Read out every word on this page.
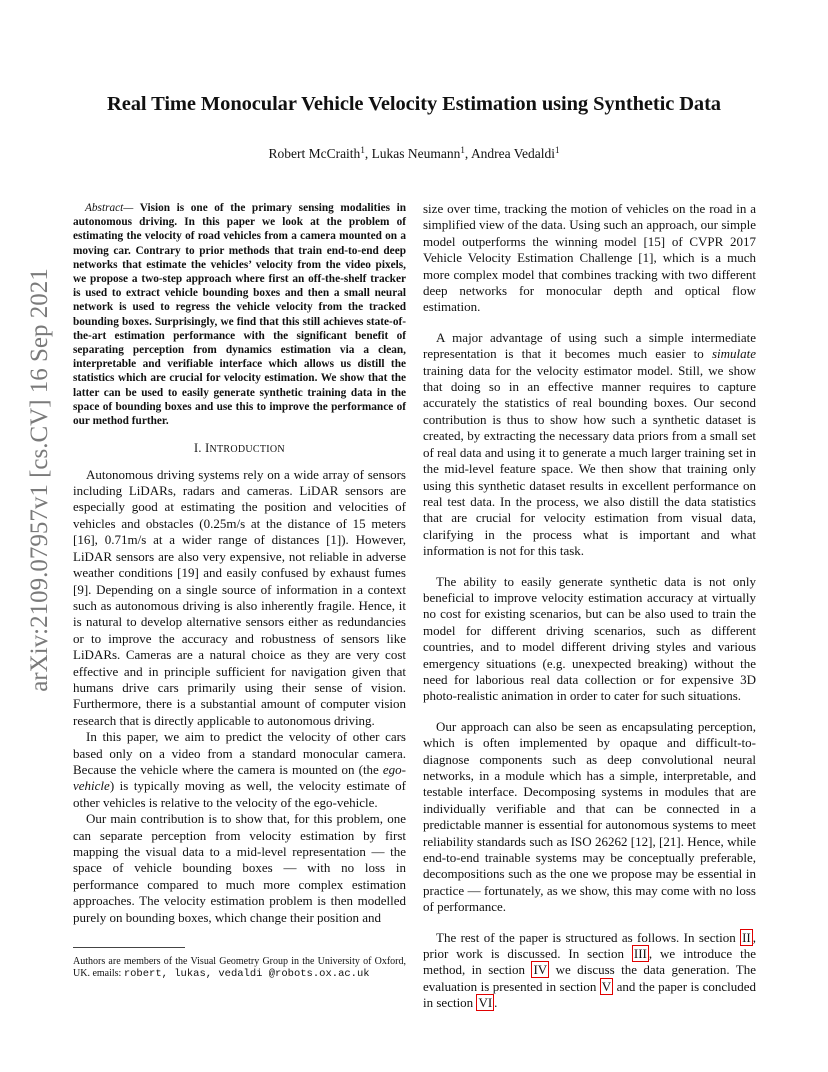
arXiv:2109.07957v1 [cs.CV] 16 Sep 2021
Real Time Monocular Vehicle Velocity Estimation using Synthetic Data
Robert McCraith$^1$, Lukas Neumann$^1$, Andrea Vedaldi$^1$

Abstract— Vision is one of the primary sensing modalities in autonomous driving. In this paper we look at the problem of estimating the velocity of road vehicles from a camera mounted on a moving car. Contrary to prior methods that train end-to-end deep networks that estimate the vehicles’ velocity from the video pixels, we propose a two-step approach where first an off-the-shelf tracker is used to extract vehicle bounding boxes and then a small neural network is used to regress the vehicle velocity from the tracked bounding boxes. Surprisingly, we find that this still achieves state-of-the-art estimation performance with the significant benefit of separating perception from dynamics estimation via a clean, interpretable and verifiable interface which allows us distill the statistics which are crucial for velocity estimation. We show that the latter can be used to easily generate synthetic training data in the space of bounding boxes and use this to improve the performance of our method further.

I. INTRODUCTION

Autonomous driving systems rely on a wide array of sensors including LiDARs, radars and cameras. LiDAR sensors are especially good at estimating the position and velocities of vehicles and obstacles (0.25m/s at the distance of 15 meters [16], 0.71m/s at a wider range of distances [1]). However, LiDAR sensors are also very expensive, not reliable in adverse weather conditions [19] and easily confused by exhaust fumes [9]. Depending on a single source of information in a context such as autonomous driving is also inherently fragile. Hence, it is natural to develop alternative sensors either as redundancies or to improve the accuracy and robustness of sensors like LiDARs. Cameras are a natural choice as they are very cost effective and in principle sufficient for navigation given that humans drive cars primarily using their sense of vision. Furthermore, there is a substantial amount of computer vision research that is directly applicable to autonomous driving.

In this paper, we aim to predict the velocity of other cars based only on a video from a standard monocular camera. Because the vehicle where the camera is mounted on (the ego-vehicle) is typically moving as well, the velocity estimate of other vehicles is relative to the velocity of the ego-vehicle.

Our main contribution is to show that, for this problem, one can separate perception from velocity estimation by first mapping the visual data to a mid-level representation — the space of vehicle bounding boxes — with no loss in performance compared to much more complex estimation approaches. The velocity estimation problem is then modelled purely on bounding boxes, which change their position and

Authors are members of the Visual Geometry Group in the University of Oxford, UK. emails: robert, lukas, vedaldi @robots.ox.ac.uk

size over time, tracking the motion of vehicles on the road in a simplified view of the data. Using such an approach, our simple model outperforms the winning model [15] of CVPR 2017 Vehicle Velocity Estimation Challenge [1], which is a much more complex model that combines tracking with two different deep networks for monocular depth and optical flow estimation.

A major advantage of using such a simple intermediate representation is that it becomes much easier to simulate training data for the velocity estimator model. Still, we show that doing so in an effective manner requires to capture accurately the statistics of real bounding boxes. Our second contribution is thus to show how such a synthetic dataset is created, by extracting the necessary data priors from a small set of real data and using it to generate a much larger training set in the mid-level feature space. We then show that training only using this synthetic dataset results in excellent performance on real test data. In the process, we also distill the data statistics that are crucial for velocity estimation from visual data, clarifying in the process what is important and what information is not for this task.

The ability to easily generate synthetic data is not only beneficial to improve velocity estimation accuracy at virtually no cost for existing scenarios, but can be also used to train the model for different driving scenarios, such as different countries, and to model different driving styles and various emergency situations (e.g. unexpected breaking) without the need for laborious real data collection or for expensive 3D photo-realistic animation in order to cater for such situations.

Our approach can also be seen as encapsulating perception, which is often implemented by opaque and difficult-to-diagnose components such as deep convolutional neural networks, in a module which has a simple, interpretable, and testable interface. Decomposing systems in modules that are individually verifiable and that can be connected in a predictable manner is essential for autonomous systems to meet reliability standards such as ISO 26262 [12], [21]. Hence, while end-to-end trainable systems may be conceptually preferable, decompositions such as the one we propose may be essential in practice — fortunately, as we show, this may come with no loss of performance.

The rest of the paper is structured as follows. In section II , prior work is discussed. In section III , we introduce the method, in section IV we discuss the data generation. The evaluation is presented in section V and the paper is concluded in section VI .
